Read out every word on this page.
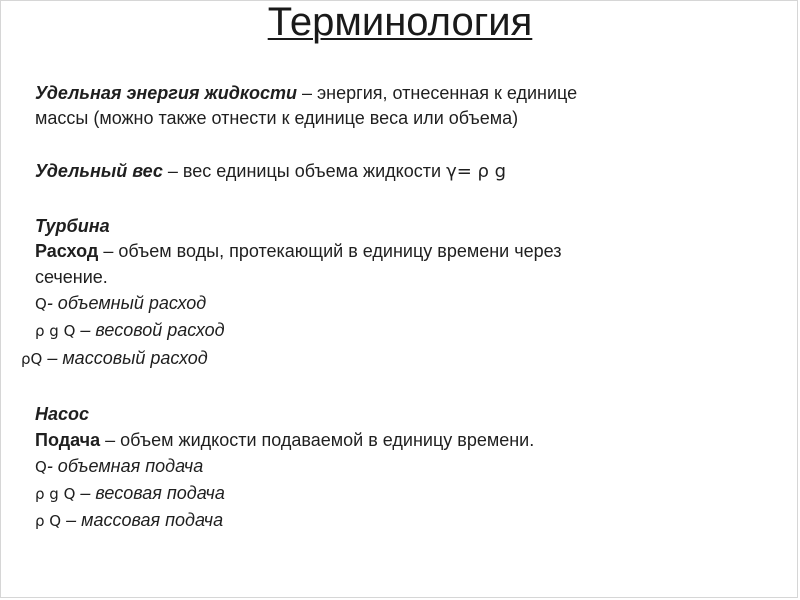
Терминология
Удельная энергия жидкости – энергия, отнесенная к единице
массы (можно также отнести к единице веса или объема)
Удельный вес – вес единицы объема жидкости γ= ρ g
Турбина
Расход – объем воды, протекающий в единицу времени через
сечение.
Q- объемный расход
ρ g Q – весовой расход
ρQ – массовый расход
Насос
Подача – объем жидкости подаваемой в единицу времени.
Q- объемная подача
ρ g Q – весовая подача
ρ Q – массовая подача
